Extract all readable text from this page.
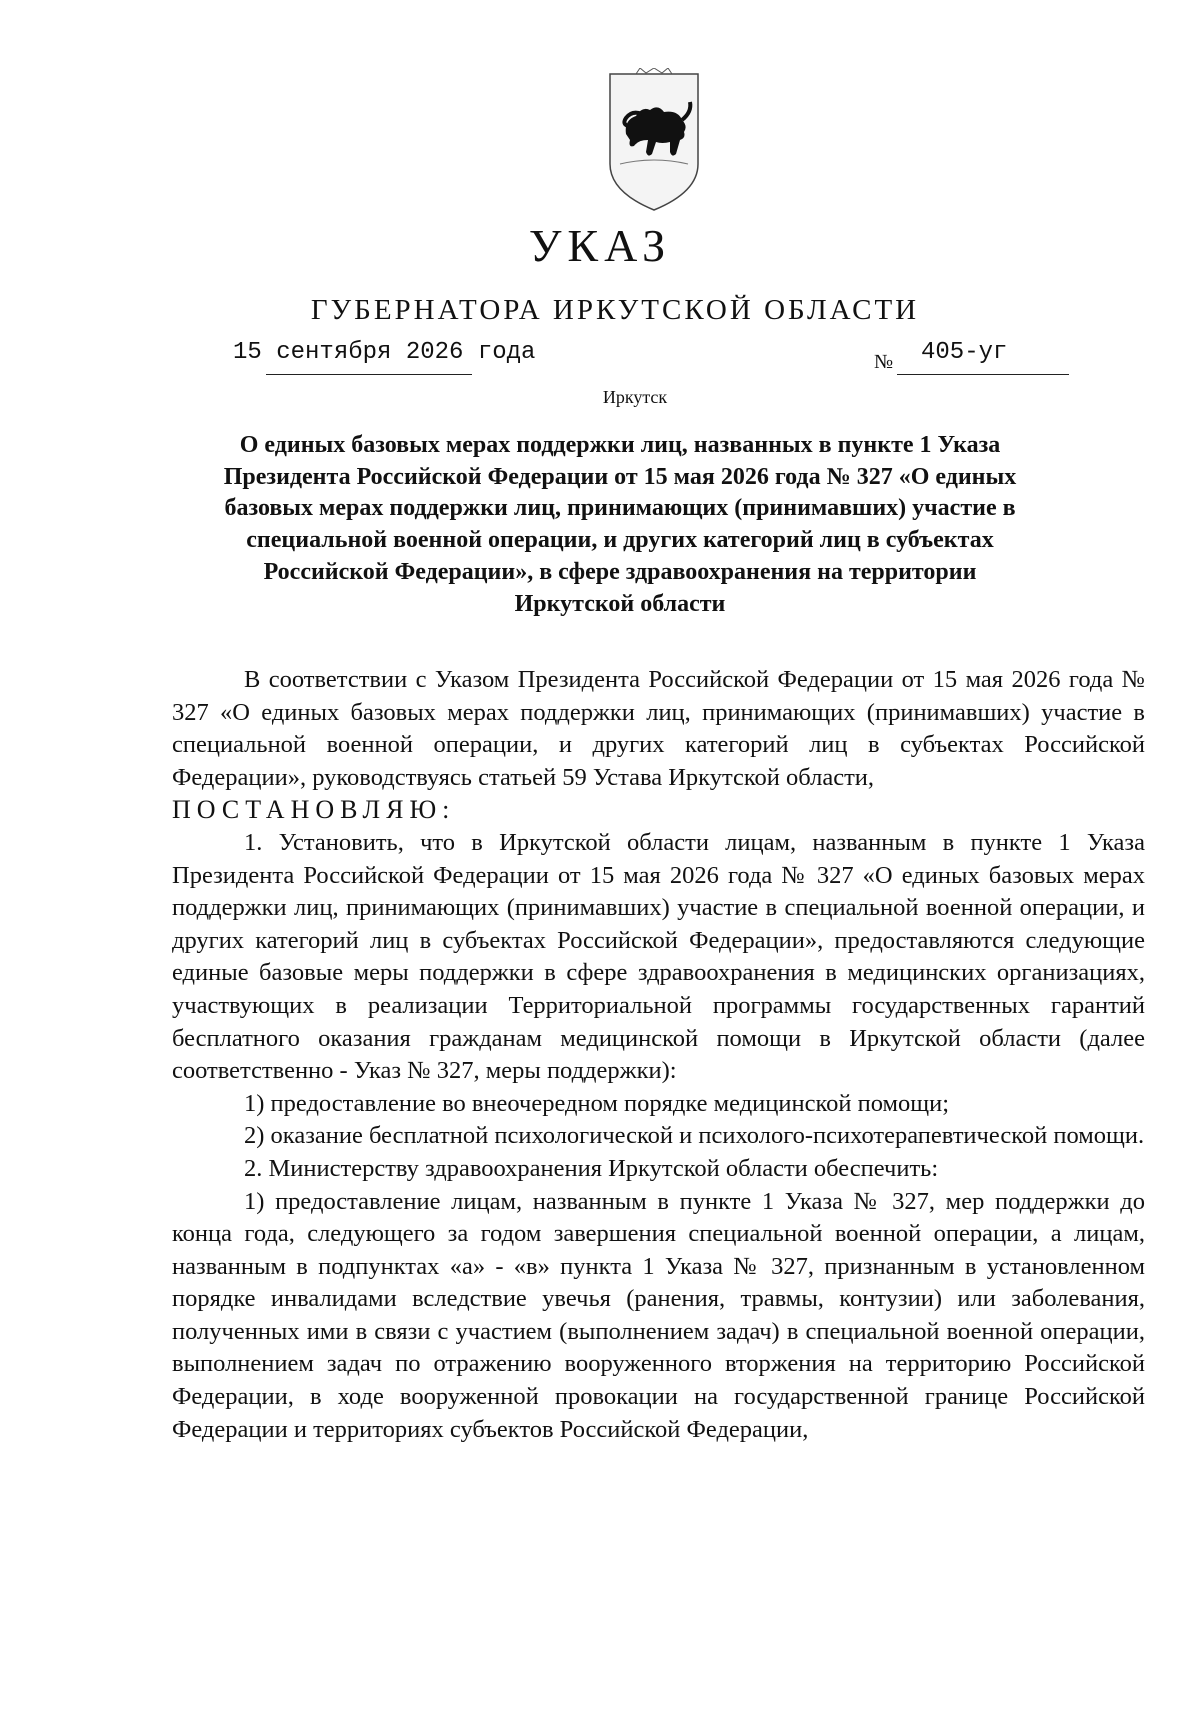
УКАЗ
ГУБЕРНАТОРА ИРКУТСКОЙ ОБЛАСТИ
15 сентября 2026 года	№ 405-уг
Иркутск
О единых базовых мерах поддержки лиц, названных в пункте 1 Указа
Президента Российской Федерации от 15 мая 2026 года № 327 «О единых
базовых мерах поддержки лиц, принимающих (принимавших) участие в
специальной военной операции, и других категорий лиц в субъектах
Российской Федерации», в сфере здравоохранения на территории
Иркутской области

В соответствии с Указом Президента Российской Федерации от 15 мая 2026 года № 327 «О единых базовых мерах поддержки лиц, принимающих (принимавших) участие в специальной военной операции, и других категорий лиц в субъектах Российской Федерации», руководствуясь статьей 59 Устава Иркутской области,

ПОСТАНОВЛЯЮ:

1. Установить, что в Иркутской области лицам, названным в пункте 1 Указа Президента Российской Федерации от 15 мая 2026 года № 327 «О единых базовых мерах поддержки лиц, принимающих (принимавших) участие в специальной военной операции, и других категорий лиц в субъектах Российской Федерации», предоставляются следующие единые базовые меры поддержки в сфере здравоохранения в медицинских организациях, участвующих в реализации Территориальной программы государственных гарантий бесплатного оказания гражданам медицинской помощи в Иркутской области (далее соответственно - Указ № 327, меры поддержки):

1) предоставление во внеочередном порядке медицинской помощи;

2) оказание бесплатной психологической и психолого-психотерапевтической помощи.

2. Министерству здравоохранения Иркутской области обеспечить:

1) предоставление лицам, названным в пункте 1 Указа № 327, мер поддержки до конца года, следующего за годом завершения специальной военной операции, а лицам, названным в подпунктах «а» - «в» пункта 1 Указа № 327, признанным в установленном порядке инвалидами вследствие увечья (ранения, травмы, контузии) или заболевания, полученных ими в связи с участием (выполнением задач) в специальной военной операции, выполнением задач по отражению вооруженного вторжения на территорию Российской Федерации, в ходе вооруженной провокации на государственной границе Российской Федерации и территориях субъектов Российской Федерации,
